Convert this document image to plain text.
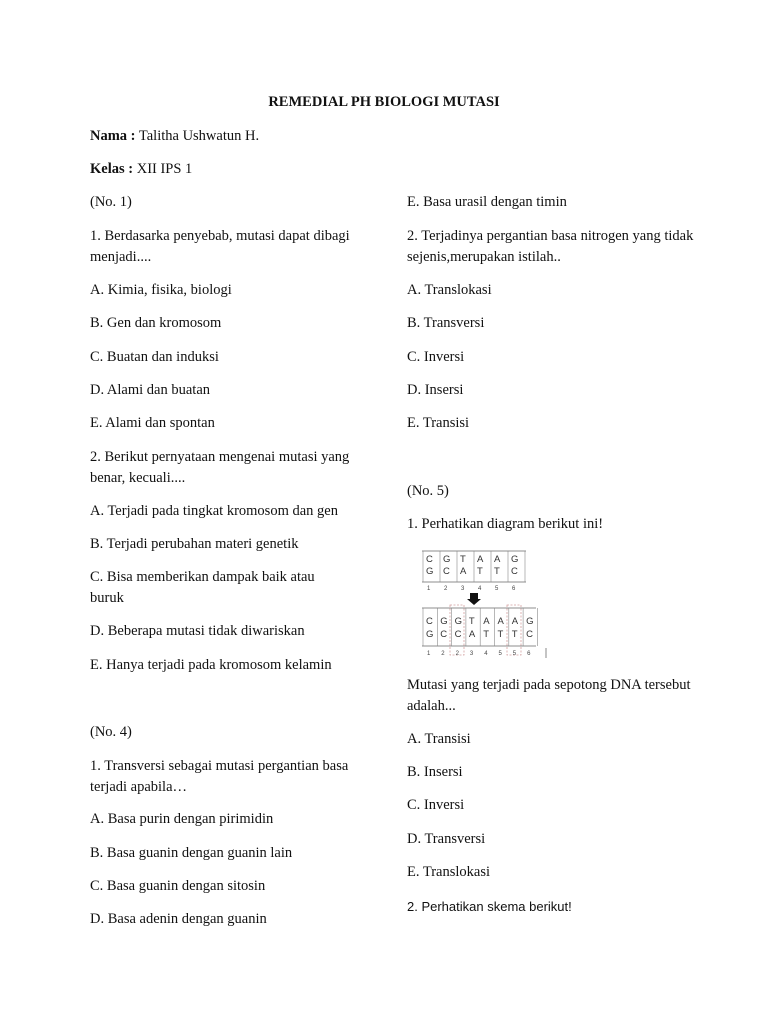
REMEDIAL PH BIOLOGI MUTASI
Nama : Talitha Ushwatun H.
Kelas : XII IPS 1
(No. 1)
1. Berdasarka penyebab, mutasi dapat dibagi menjadi....
A. Kimia, fisika, biologi
B. Gen dan kromosom
C. Buatan dan induksi
D. Alami dan buatan
E. Alami dan spontan
2. Berikut pernyataan mengenai mutasi yang benar, kecuali....
A. Terjadi pada tingkat kromosom dan gen
B. Terjadi perubahan materi genetik
C. Bisa memberikan dampak baik atau buruk
D. Beberapa mutasi tidak diwariskan
E. Hanya terjadi pada kromosom kelamin
(No. 4)
1. Transversi sebagai mutasi pergantian basa terjadi apabila…
A. Basa purin dengan pirimidin
B. Basa guanin dengan guanin lain
C. Basa guanin dengan sitosin
D. Basa adenin dengan guanin
E. Basa urasil dengan timin
2. Terjadinya pergantian basa nitrogen yang tidak sejenis,merupakan istilah..
A. Translokasi
B. Transversi
C. Inversi
D. Insersi
E. Transisi
(No. 5)
1. Perhatikan diagram berikut ini!
C G T A A G
G C A T T C
1 2 3 4 5 6
C G G T A A A G
G C C A T T T C
1 2 2 3 4 5 5 6
Mutasi yang terjadi pada sepotong DNA tersebut adalah...
A. Transisi
B. Insersi
C. Inversi
D. Transversi
E. Translokasi
2. Perhatikan skema berikut!
